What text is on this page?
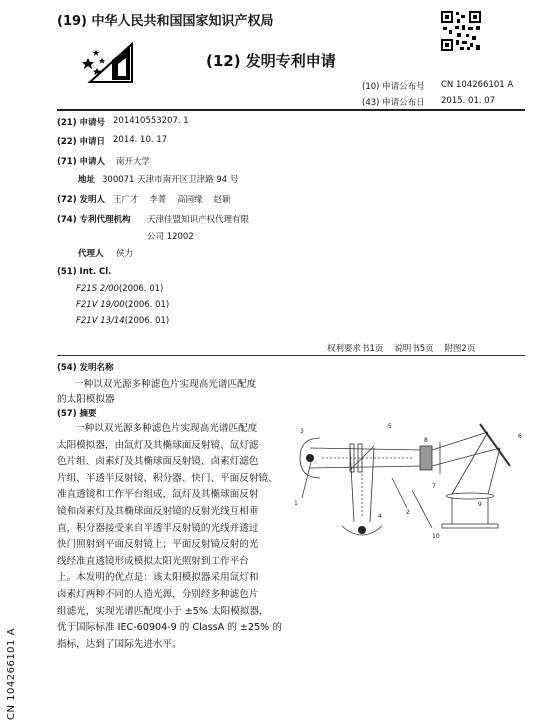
(19) 中华人民共和国国家知识产权局
(12) 发明专利申请
(10) 申请公布号 CN 104266101 A
(43) 申请公布日 2015. 01. 07
(21) 申请号 201410553207. 1
(22) 申请日 2014. 10. 17
(71) 申请人 南开大学
地址 300071 天津市南开区卫津路 94 号
(72) 发明人 王广才    李菁    高园缘    赵颖
(74) 专利代理机构 天津佳盟知识产权代理有限
公司 12002
代理人 侯力
(51) Int. Cl.
F21S 2/00(2006. 01)
F21V 19/00(2006. 01)
F21V 13/14(2006. 01)
权利要求书1页    说明书5页    附图2页
(54) 发明名称
一种以双光源多种滤色片实现高光谱匹配度
的太阳模拟器
(57) 摘要
一种以双光源多种滤色片实现高光谱匹配度
太阳模拟器，由氙灯及其椭球面反射镜、氙灯滤
色片组、卤素灯及其椭球面反射镜、卤素灯滤色
片组、半透半反射镜、积分器、快门、平面反射镜、
准直透镜和工作平台组成，氙灯及其椭球面反射
镜和卤素灯及其椭球面反射镜的反射光线互相垂
直，积分器接受来自半透半反射镜的光线并透过
快门照射到平面反射镜上；平面反射镜反射的光
线经准直透镜形成模拟太阳光照射到工作平台
上。本发明的优点是：该太阳模拟器采用氙灯和
卤素灯两种不同的人造光源，分别经多种滤色片
组滤光，实现光谱匹配度小于 ±5% 太阳模拟器，
优于国际标准 IEC-60904-9 的 ClassA 的 ±25% 的
指标，达到了国际先进水平。
1
2
3
4
5
6
7
8
9
10
CN 104266101 A
